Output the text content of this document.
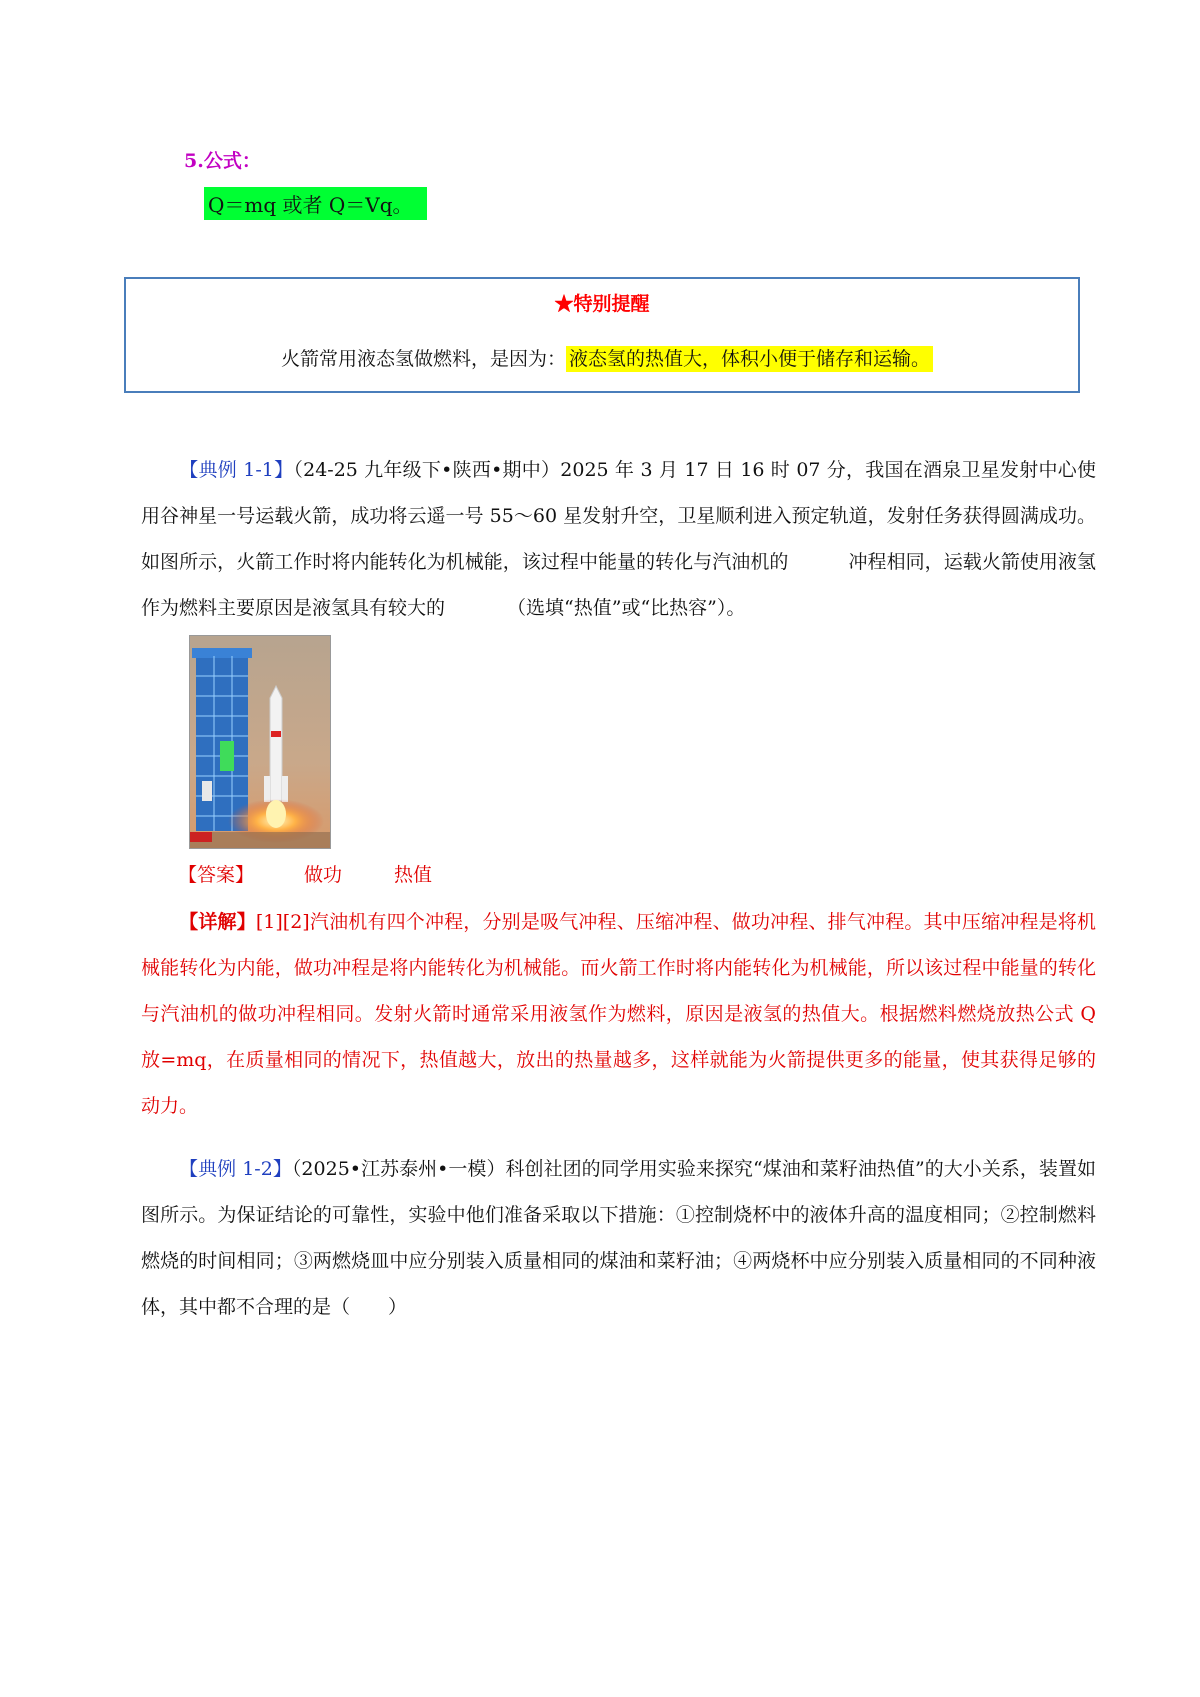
5.公式：
Q＝mq 或者 Q＝Vq。
★特别提醒
火箭常用液态氢做燃料，是因为： 液态氢的热值大，体积小便于储存和运输。
【典例 1-1】（24-25 九年级下•陕西•期中）2025 年 3 月 17 日 16 时 07 分，我国在酒泉卫星发射中心使用谷神星一号运载火箭，成功将云遥一号 55～60 星发射升空，卫星顺利进入预定轨道，发射任务获得圆满成功。如图所示，火箭工作时将内能转化为机械能，该过程中能量的转化与汽油机的	冲程相同，运载火箭使用液氢作为燃料主要原因是液氢具有较大的	（选填“热值”或“比热容”）。
【答案】	做功	热值
【详解】[1][2]汽油机有四个冲程，分别是吸气冲程、压缩冲程、做功冲程、排气冲程。其中压缩冲程是将机械能转化为内能，做功冲程是将内能转化为机械能。而火箭工作时将内能转化为机械能，所以该过程中能量的转化与汽油机的做功冲程相同。发射火箭时通常采用液氢作为燃料，原因是液氢的热值大。根据燃料燃烧放热公式 Q 放=mq，在质量相同的情况下，热值越大，放出的热量越多，这样就能为火箭提供更多的能量，使其获得足够的动力。
【典例 1-2】（2025•江苏泰州•一模）科创社团的同学用实验来探究“煤油和菜籽油热值”的大小关系，装置如图所示。为保证结论的可靠性，实验中他们准备采取以下措施：①控制烧杯中的液体升高的温度相同；②控制燃料燃烧的时间相同；③两燃烧皿中应分别装入质量相同的煤油和菜籽油；④两烧杯中应分别装入质量相同的不同种液体，其中都不合理的是（　　）
